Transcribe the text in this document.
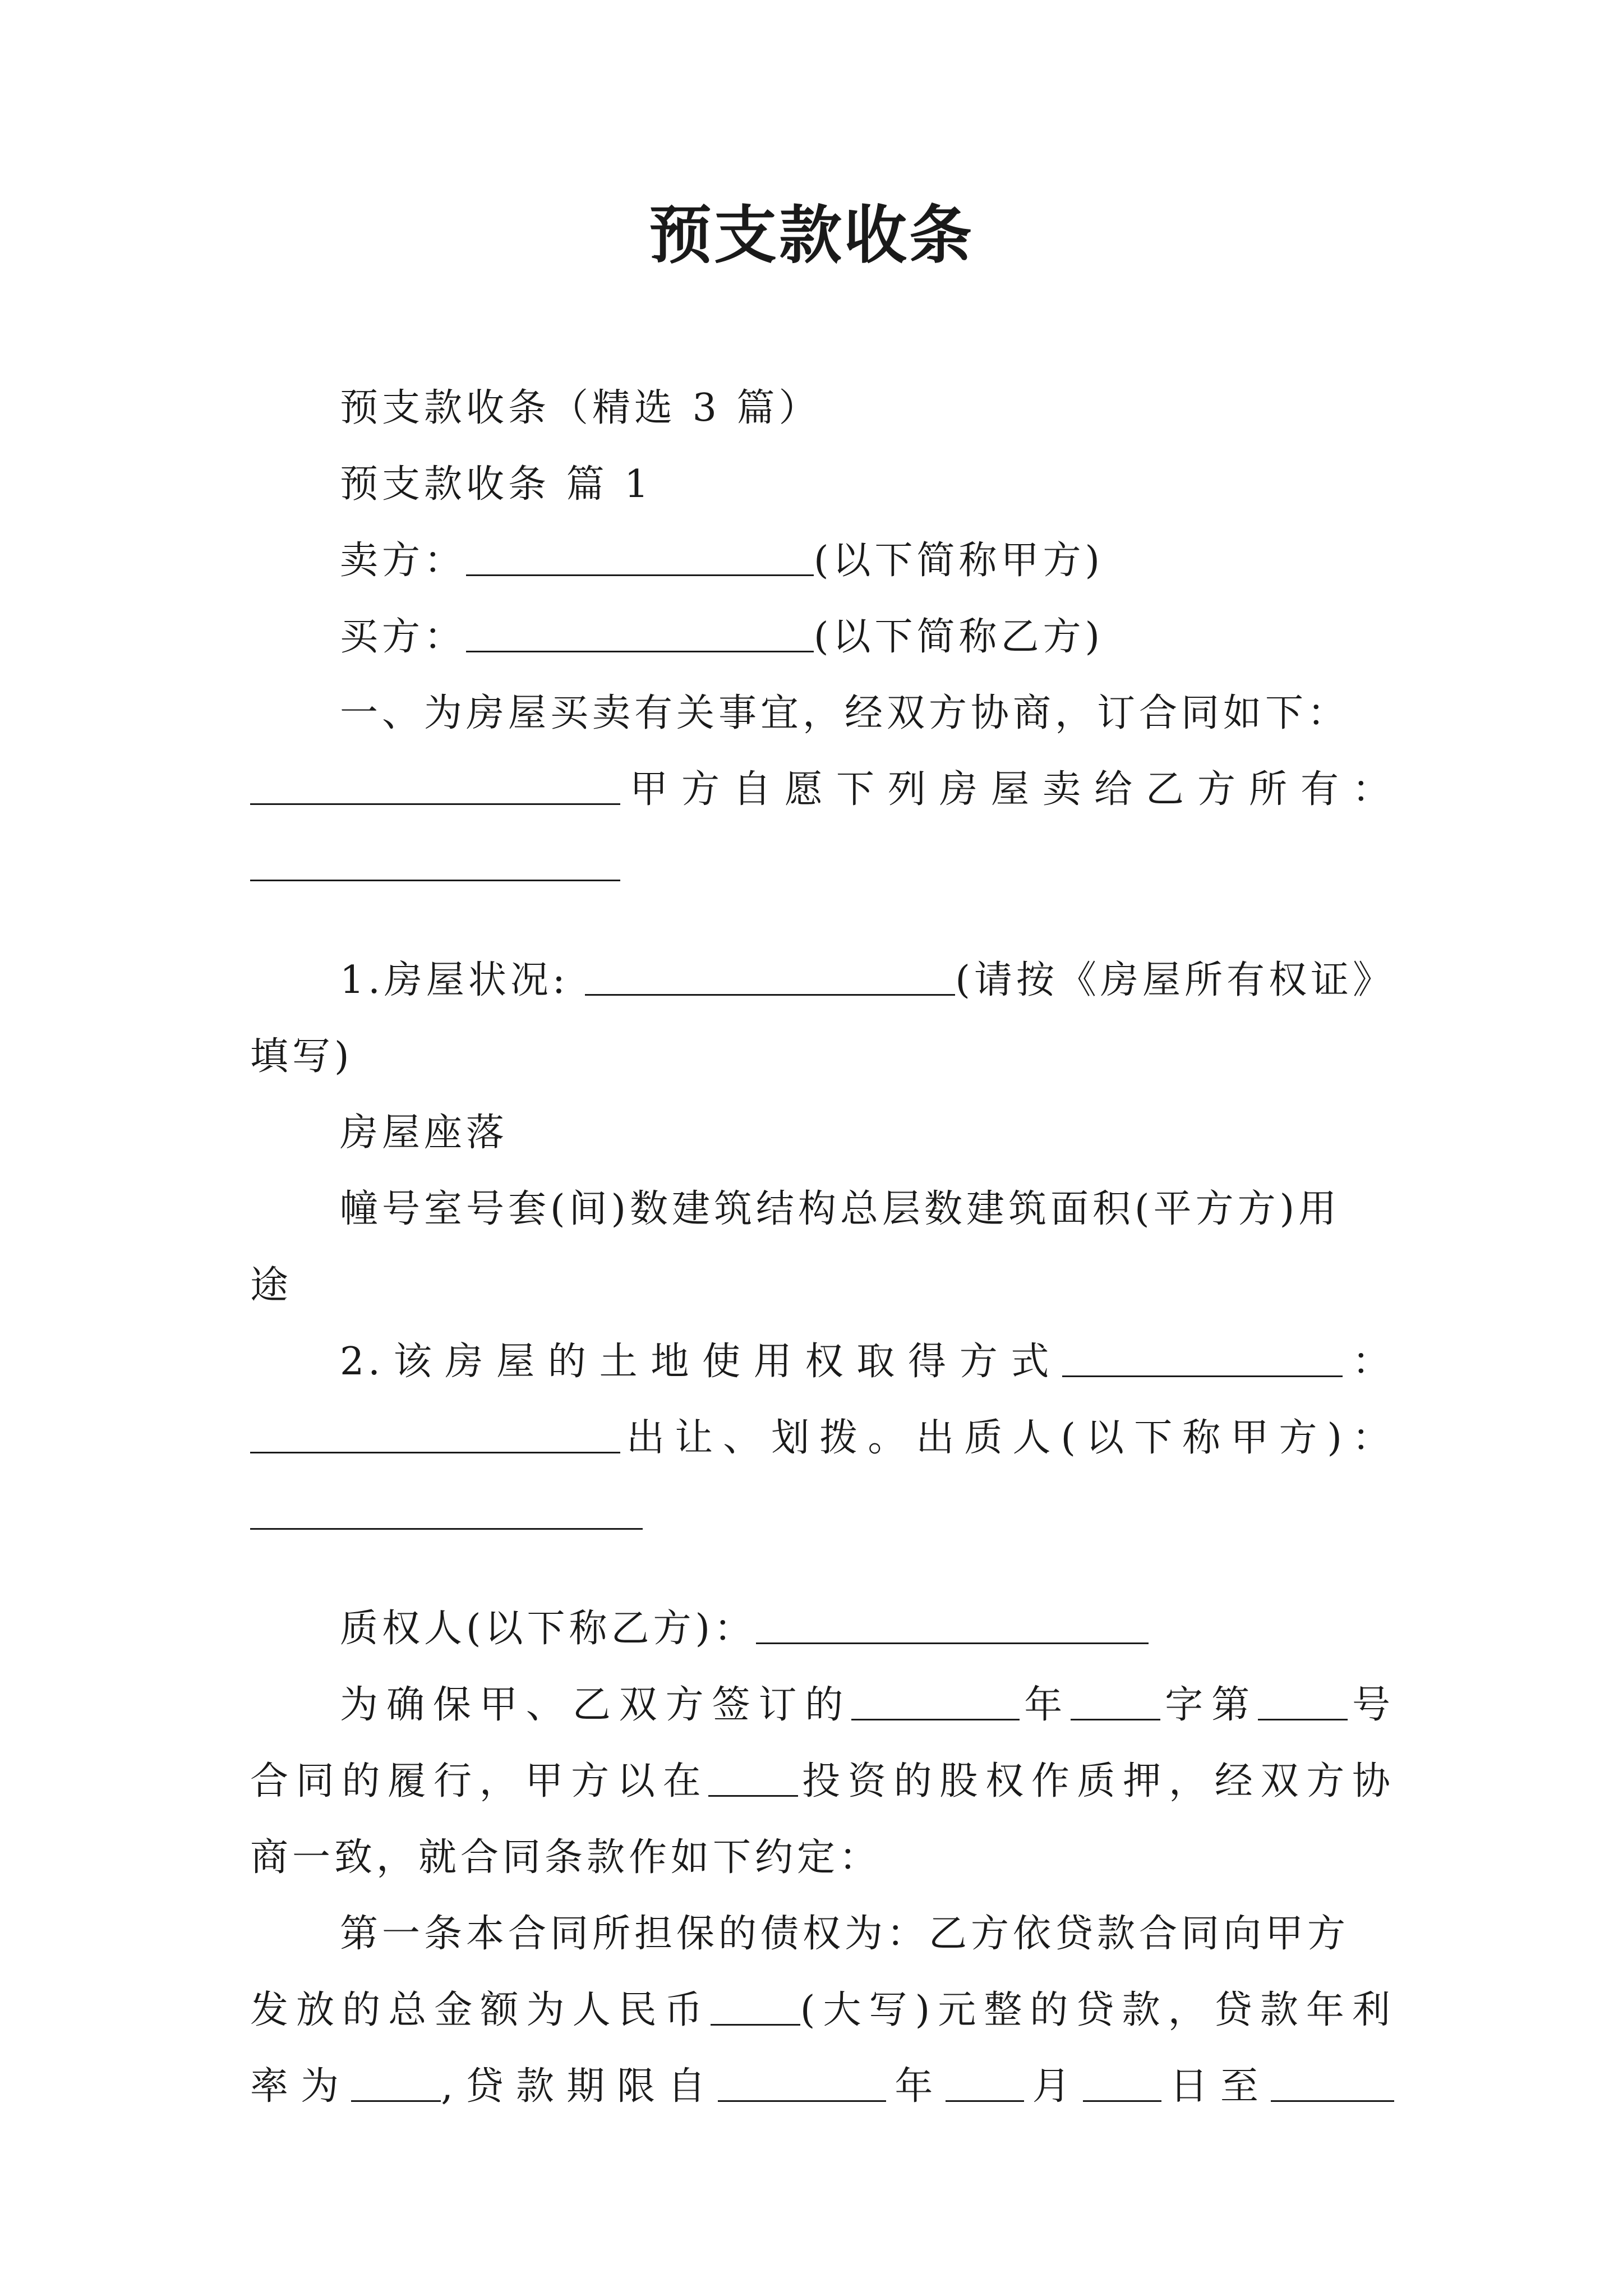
预支款收条

预支款收条（精选 3 篇）

预支款收条 篇 1

卖方：	(以下简称甲方)

买方：	(以下简称乙方)

一、为房屋买卖有关事宜，经双方协商，订合同如下：

甲方自愿下列房屋卖给乙方所有：

1.房屋状况:	(请按《房屋所有权证》

填写)

房屋座落

幢号室号套(间)数建筑结构总层数建筑面积(平方方)用

途

2.该房屋的土地使用权取得方式	：

出让、划拨。出质人(以下称甲方)：

质权人(以下称乙方)：

为确保甲、乙双方签订的	年 字第 号

合同的履行，甲方以在 投资的股权作质押，经双方协

商一致，就合同条款作如下约定：

第一条本合同所担保的债权为：乙方依贷款合同向甲方

发放的总金额为人民币 (大写)元整的贷款，贷款年利

率为 ,贷款期限自	年 月 日至
